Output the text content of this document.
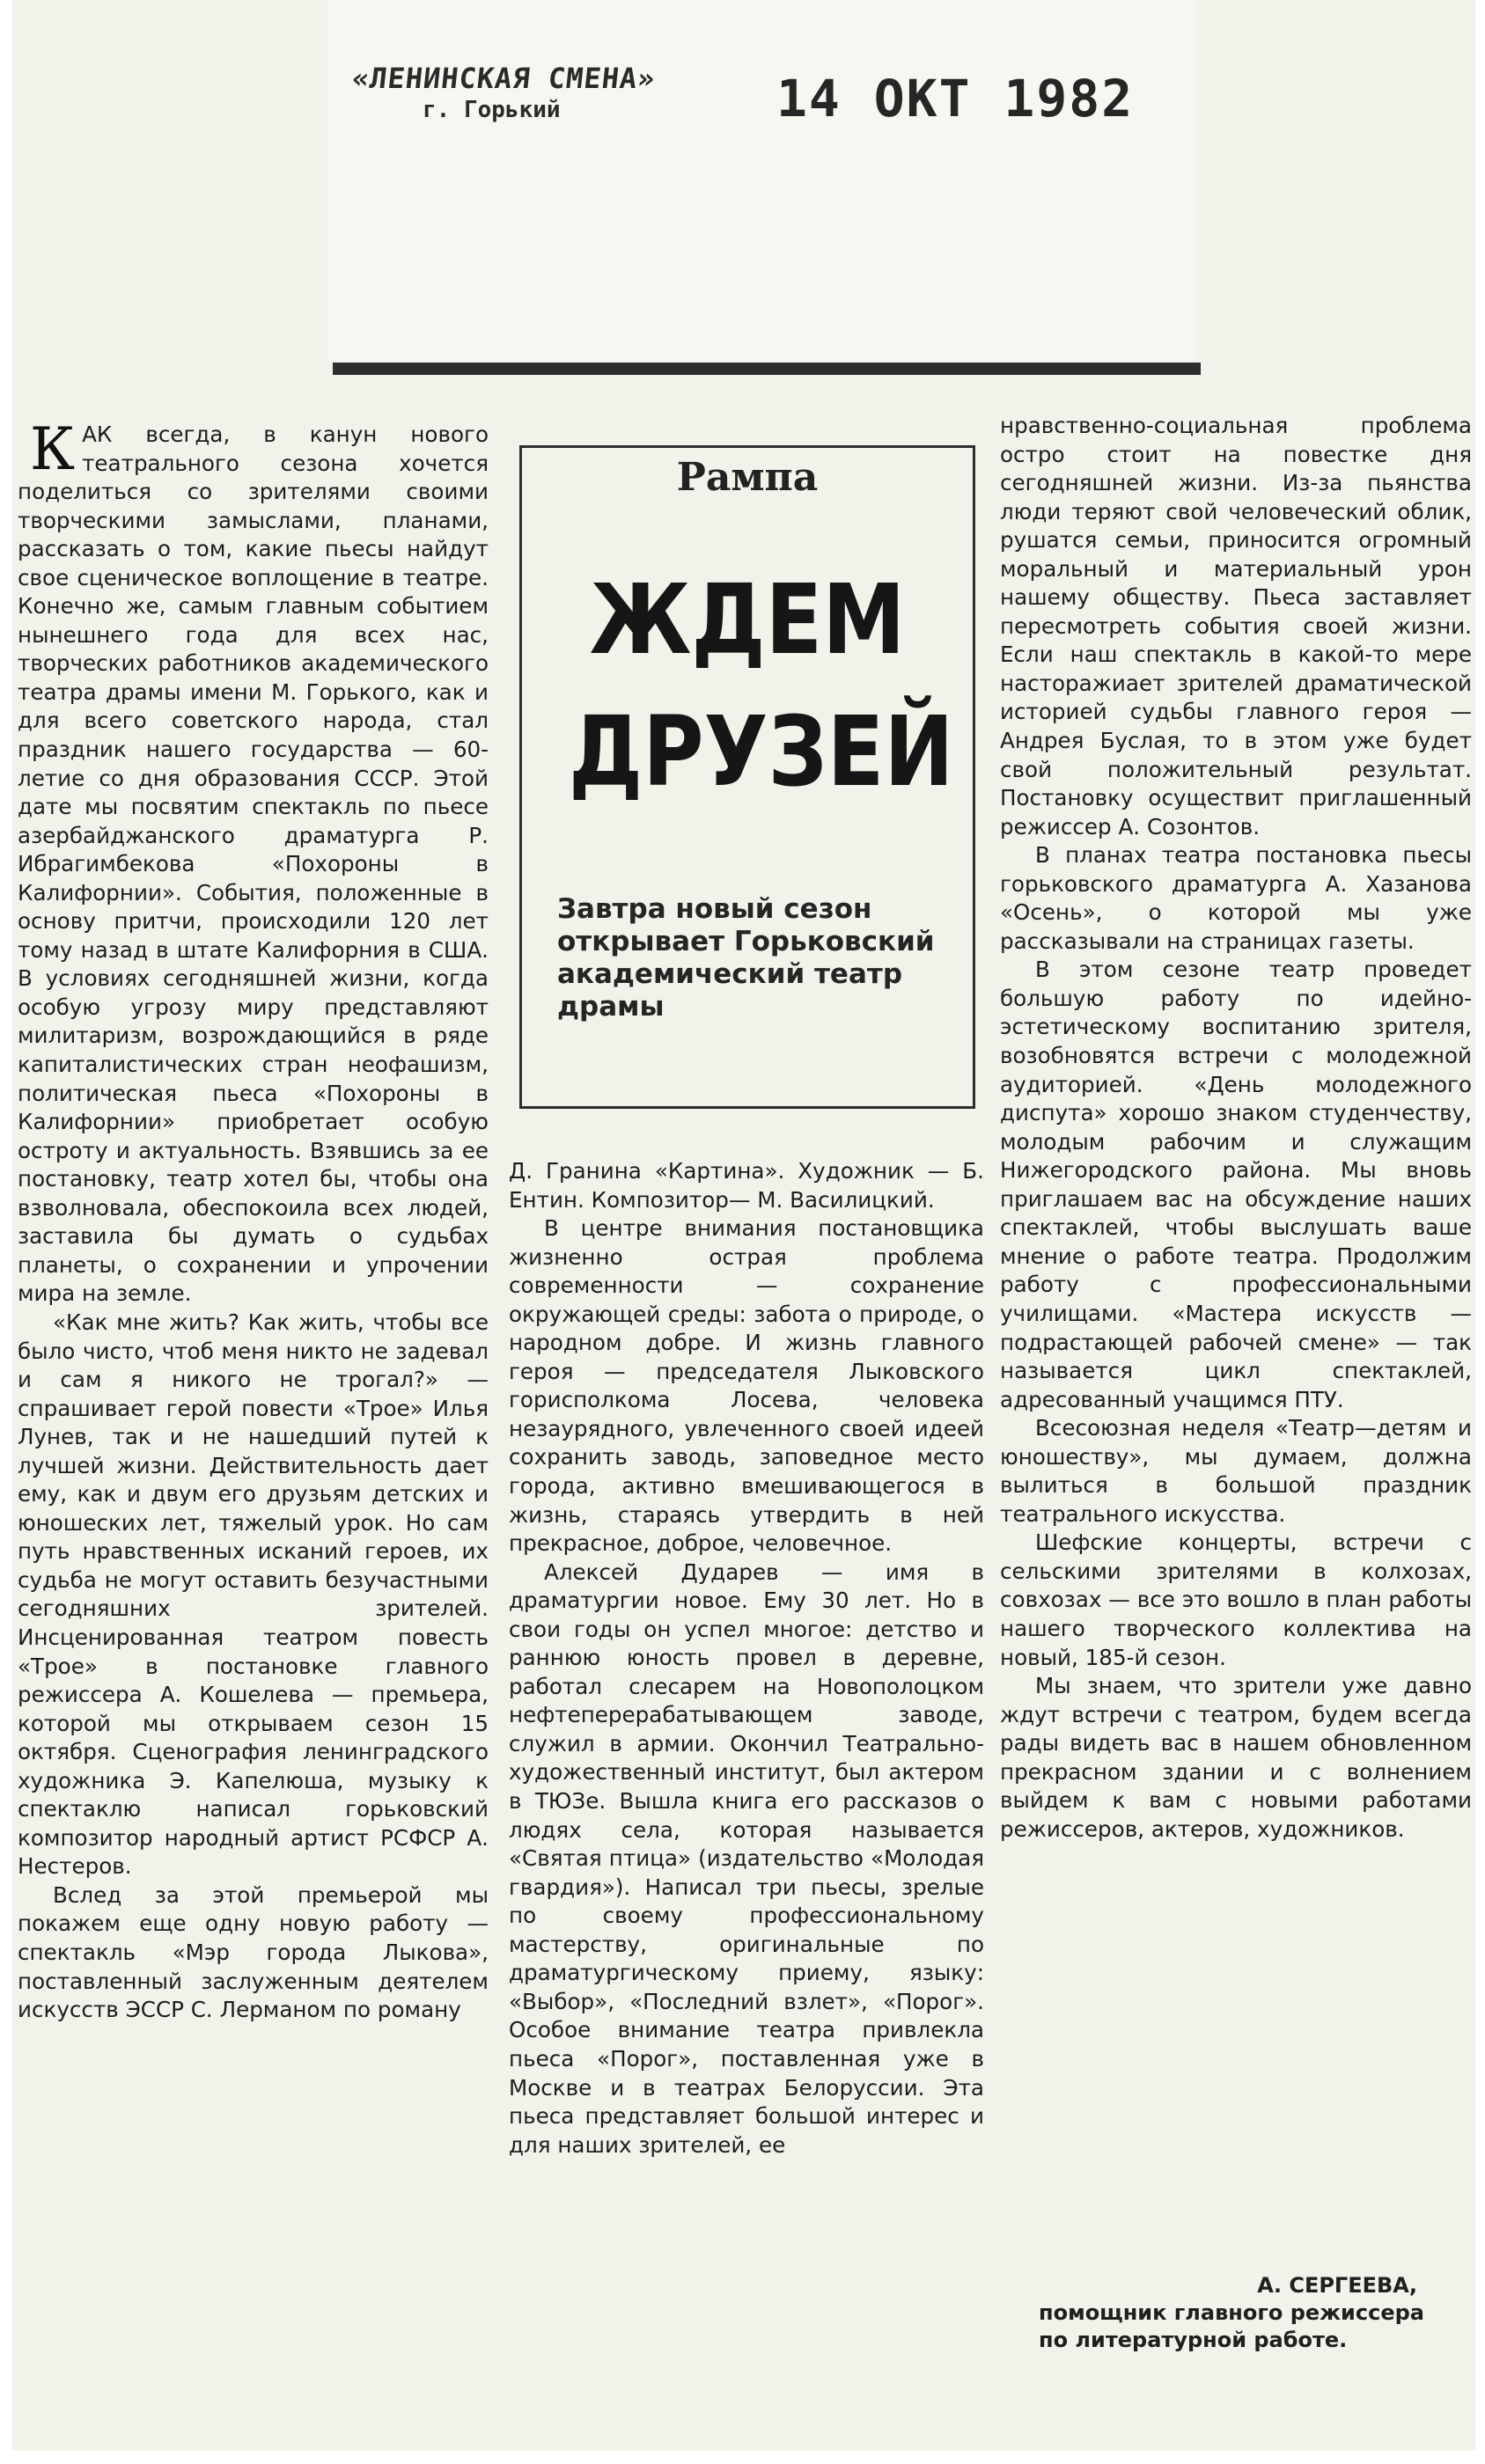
«ЛЕНИНСКАЯ СМЕНА»
г. Горький	14 ОКТ 1982

КАК всегда, в канун нового театрального сезона хочется поделиться со зрителями своими творческими замыслами, планами, рассказать о том, какие пьесы найдут свое сценическое воплощение в театре. Конечно же, самым главным событием нынешнего года для всех нас, творческих работников академического театра драмы имени М. Горького, как и для всего советского народа, стал праздник нашего государства — 60-летие со дня образования СССР. Этой дате мы посвятим спектакль по пьесе азербайджанского драматурга Р. Ибрагимбекова «Похороны в Калифорнии». События, положенные в основу притчи, происходили 120 лет тому назад в штате Калифорния в США. В условиях сегодняшней жизни, когда особую угрозу миру представляют милитаризм, возрождающийся в ряде капиталистических стран неофашизм, политическая пьеса «Похороны в Калифорнии» приобретает особую остроту и актуальность. Взявшись за ее постановку, театр хотел бы, чтобы она взволновала, обеспокоила всех людей, заставила бы думать о судьбах планеты, о сохранении и упрочении мира на земле.

«Как мне жить? Как жить, чтобы все было чисто, чтоб меня никто не задевал и сам я никого не трогал?» — спрашивает герой повести «Трое» Илья Лунев, так и не нашедший путей к лучшей жизни. Действительность дает ему, как и двум его друзьям детских и юношеских лет, тяжелый урок. Но сам путь нравственных исканий героев, их судьба не могут оставить безучастными сегодняшних зрителей. Инсценированная театром повесть «Трое» в постановке главного режиссера А. Кошелева — премьера, которой мы открываем сезон 15 октября. Сценография ленинградского художника Э. Капелюша, музыку к спектаклю написал горьковский композитор народный артист РСФСР А. Нестеров.

Вслед за этой премьерой мы покажем еще одну новую работу — спектакль «Мэр города Лыкова», поставленный заслуженным деятелем искусств ЭССР С. Лерманом по роману

Рампа
ЖДЕМ ДРУЗЕЙ
Завтра новый сезон открывает Горьковский академический театр драмы

Д. Гранина «Картина». Художник — Б. Ентин. Композитор— М. Василицкий.

В центре внимания постановщика жизненно острая проблема современности — сохранение окружающей среды: забота о природе, о народном добре. И жизнь главного героя — председателя Лыковского горисполкома Лосева, человека незаурядного, увлеченного своей идеей сохранить заводь, заповедное место города, активно вмешивающегося в жизнь, стараясь утвердить в ней прекрасное, доброе, человечное.

Алексей Дударев — имя в драматургии новое. Ему 30 лет. Но в свои годы он успел многое: детство и раннюю юность провел в деревне, работал слесарем на Новополоцком нефтеперерабатывающем заводе, служил в армии. Окончил Театрально-художественный институт, был актером в ТЮЗе. Вышла книга его рассказов о людях села, которая называется «Святая птица» (издательство «Молодая гвардия»). Написал три пьесы, зрелые по своему профессиональному мастерству, оригинальные по драматургическому приему, языку: «Выбор», «Последний взлет», «Порог». Особое внимание театра привлекла пьеса «Порог», поставленная уже в Москве и в театрах Белоруссии. Эта пьеса представляет большой интерес и для наших зрителей, ее

нравственно-социальная проблема остро стоит на повестке дня сегодняшней жизни. Из-за пьянства люди теряют свой человеческий облик, рушатся семьи, приносится огромный моральный и материальный урон нашему обществу. Пьеса заставляет пересмотреть события своей жизни. Если наш спектакль в какой-то мере насторажиает зрителей драматической историей судьбы главного героя — Андрея Буслая, то в этом уже будет свой положительный результат. Постановку осуществит приглашенный режиссер А. Созонтов.

В планах театра постановка пьесы горьковского драматурга А. Хазанова «Осень», о которой мы уже рассказывали на страницах газеты.

В этом сезоне театр проведет большую работу по идейно-эстетическому воспитанию зрителя, возобновятся встречи с молодежной аудиторией. «День молодежного диспута» хорошо знаком студенчеству, молодым рабочим и служащим Нижегородского района. Мы вновь приглашаем вас на обсуждение наших спектаклей, чтобы выслушать ваше мнение о работе театра. Продолжим работу с профессиональными училищами. «Мастера искусств — подрастающей рабочей смене» — так называется цикл спектаклей, адресованный учащимся ПТУ.

Всесоюзная неделя «Театр—детям и юношеству», мы думаем, должна вылиться в большой праздник театрального искусства.

Шефские концерты, встречи с сельскими зрителями в колхозах, совхозах — все это вошло в план работы нашего творческого коллектива на новый, 185-й сезон.

Мы знаем, что зрители уже давно ждут встречи с театром, будем всегда рады видеть вас в нашем обновленном прекрасном здании и с волнением выйдем к вам с новыми работами режиссеров, актеров, художников.

А. СЕРГЕЕВА,
помощник главного режиссера по литературной работе.
